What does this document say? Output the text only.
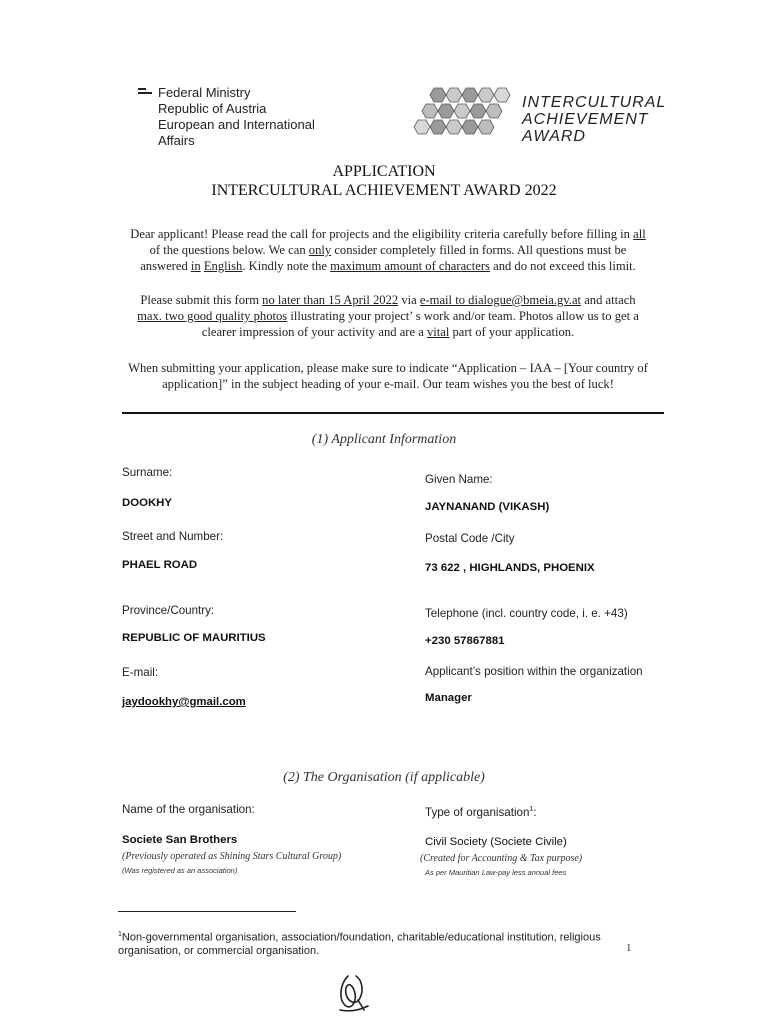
Federal Ministry
Republic of Austria
European and International
Affairs
INTERCULTURAL
ACHIEVEMENT
AWARD
APPLICATION
INTERCULTURAL ACHIEVEMENT AWARD 2022
Dear applicant! Please read the call for projects and the eligibility criteria carefully before filling in all of the questions below. We can only consider completely filled in forms. All questions must be answered in English. Kindly note the maximum amount of characters and do not exceed this limit.
Please submit this form no later than 15 April 2022 via e-mail to dialogue@bmeia.gv.at and attach max. two good quality photos illustrating your project’ s work and/or team. Photos allow us to get a clearer impression of your activity and are a vital part of your application.
When submitting your application, please make sure to indicate “Application – IAA – [Your country of application]” in the subject heading of your e-mail. Our team wishes you the best of luck!
(1) Applicant Information
Surname:
DOOKHY
Given Name:
JAYNANAND (VIKASH)
Street and Number:
PHAEL ROAD
Postal Code /City
73 622 , HIGHLANDS, PHOENIX
Province/Country:
REPUBLIC OF MAURITIUS
Telephone (incl. country code, i. e. +43)
+230 57867881
E-mail:
jaydookhy@gmail.com
Applicant’s position within the organization
Manager
(2) The Organisation (if applicable)
Name of the organisation:
Societe San Brothers
(Previously operated as Shining Stars Cultural Group)
(Was registered as an association)
Type of organisation$^1$:
Civil Society (Societe Civile)
(Created for Accounting & Tax purpose)
As per Mauritian Law-pay less annual fees
$^1$Non-governmental organisation, association/foundation, charitable/educational institution, religious organisation, or commercial organisation.	1
